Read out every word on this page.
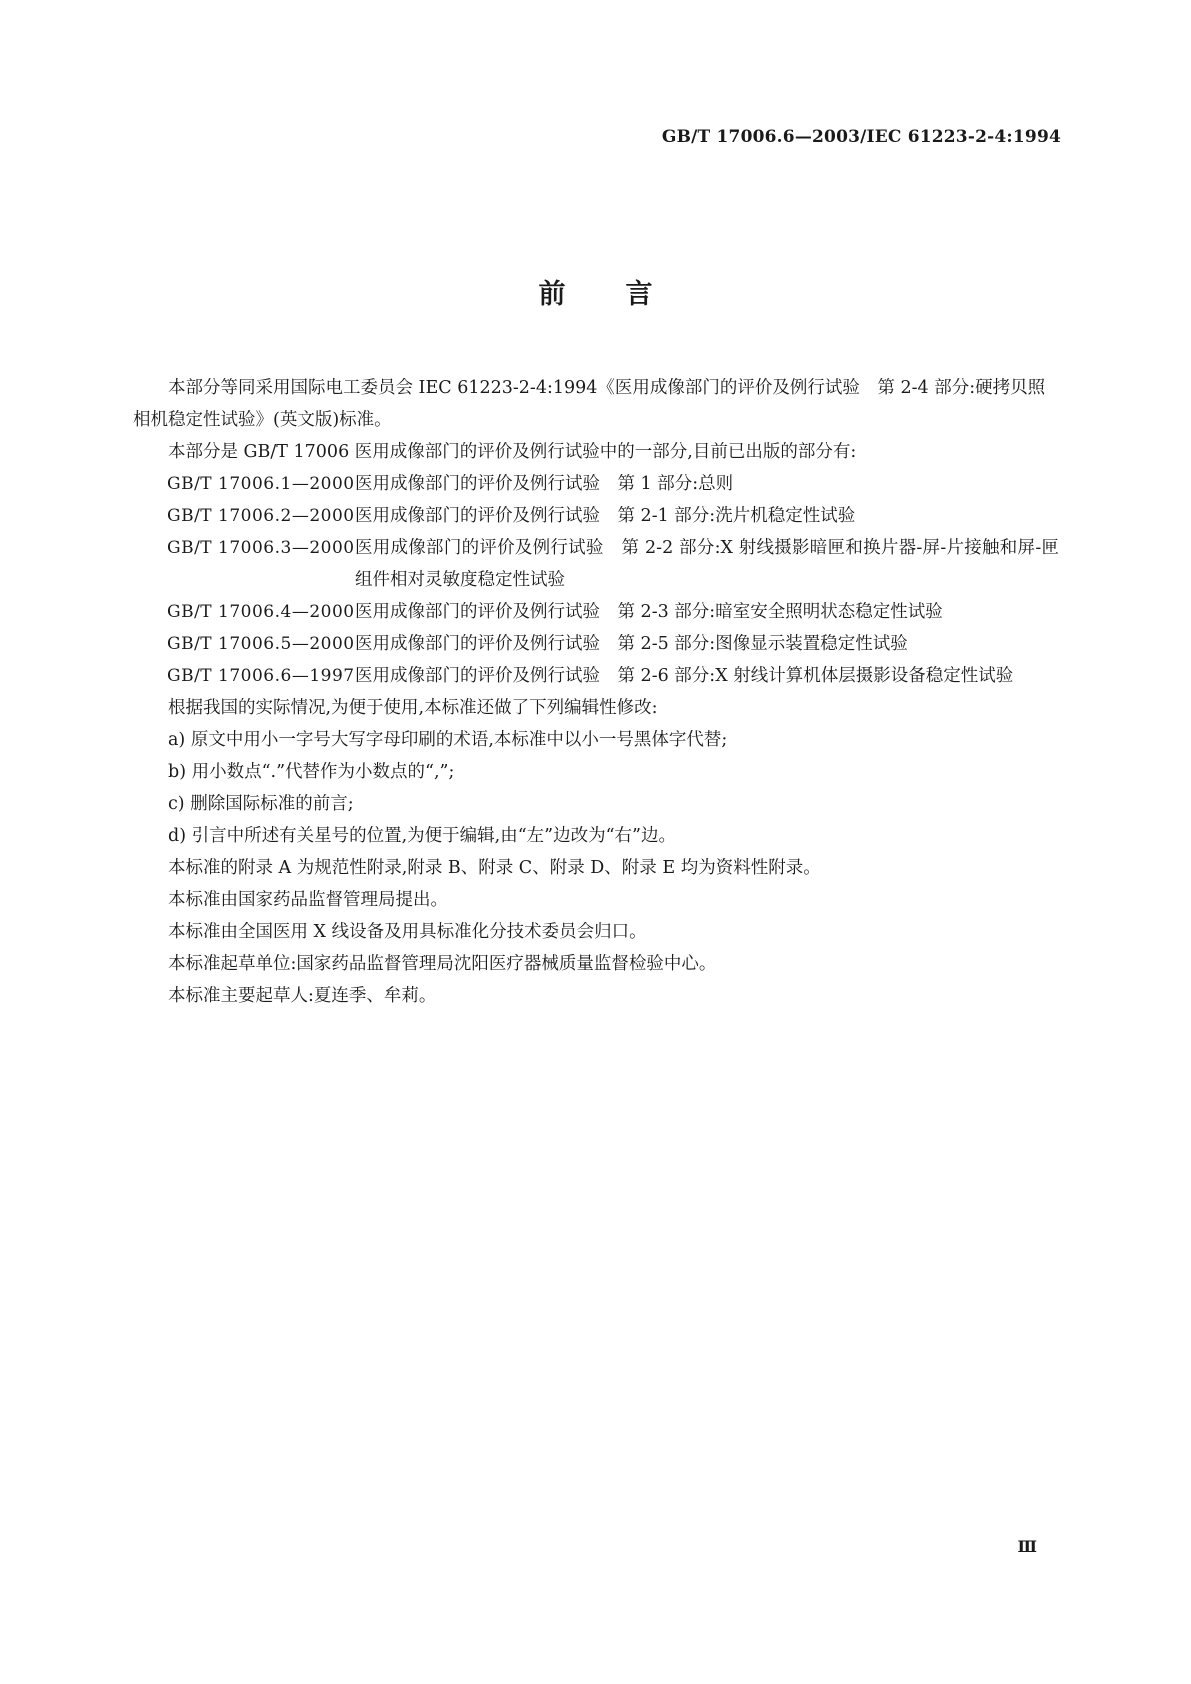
GB/T 17006.6—2003/IEC 61223-2-4:1994
前言

本部分等同采用国际电工委员会 IEC 61223-2-4:1994《医用成像部门的评价及例行试验　第 2-4 部分:硬拷贝照相机稳定性试验》(英文版)标准。

本部分是 GB/T 17006 医用成像部门的评价及例行试验中的一部分,目前已出版的部分有:

GB/T 17006.1—2000 医用成像部门的评价及例行试验　第 1 部分:总则
GB/T 17006.2—2000 医用成像部门的评价及例行试验　第 2-1 部分:洗片机稳定性试验
GB/T 17006.3—2000 医用成像部门的评价及例行试验　第 2-2 部分:X 射线摄影暗匣和换片器-屏-片接触和屏-匣组件相对灵敏度稳定性试验
GB/T 17006.4—2000 医用成像部门的评价及例行试验　第 2-3 部分:暗室安全照明状态稳定性试验
GB/T 17006.5—2000 医用成像部门的评价及例行试验　第 2-5 部分:图像显示装置稳定性试验
GB/T 17006.6—1997 医用成像部门的评价及例行试验　第 2-6 部分:X 射线计算机体层摄影设备稳定性试验

根据我国的实际情况,为便于使用,本标准还做了下列编辑性修改:

a) 原文中用小一字号大写字母印刷的术语,本标准中以小一号黑体字代替;

b) 用小数点“.”代替作为小数点的“,”;

c) 删除国际标准的前言;

d) 引言中所述有关星号的位置,为便于编辑,由“左”边改为“右”边。

本标准的附录 A 为规范性附录,附录 B、附录 C、附录 D、附录 E 均为资料性附录。

本标准由国家药品监督管理局提出。

本标准由全国医用 X 线设备及用具标准化分技术委员会归口。

本标准起草单位:国家药品监督管理局沈阳医疗器械质量监督检验中心。

本标准主要起草人:夏连季、牟莉。

Ⅲ
